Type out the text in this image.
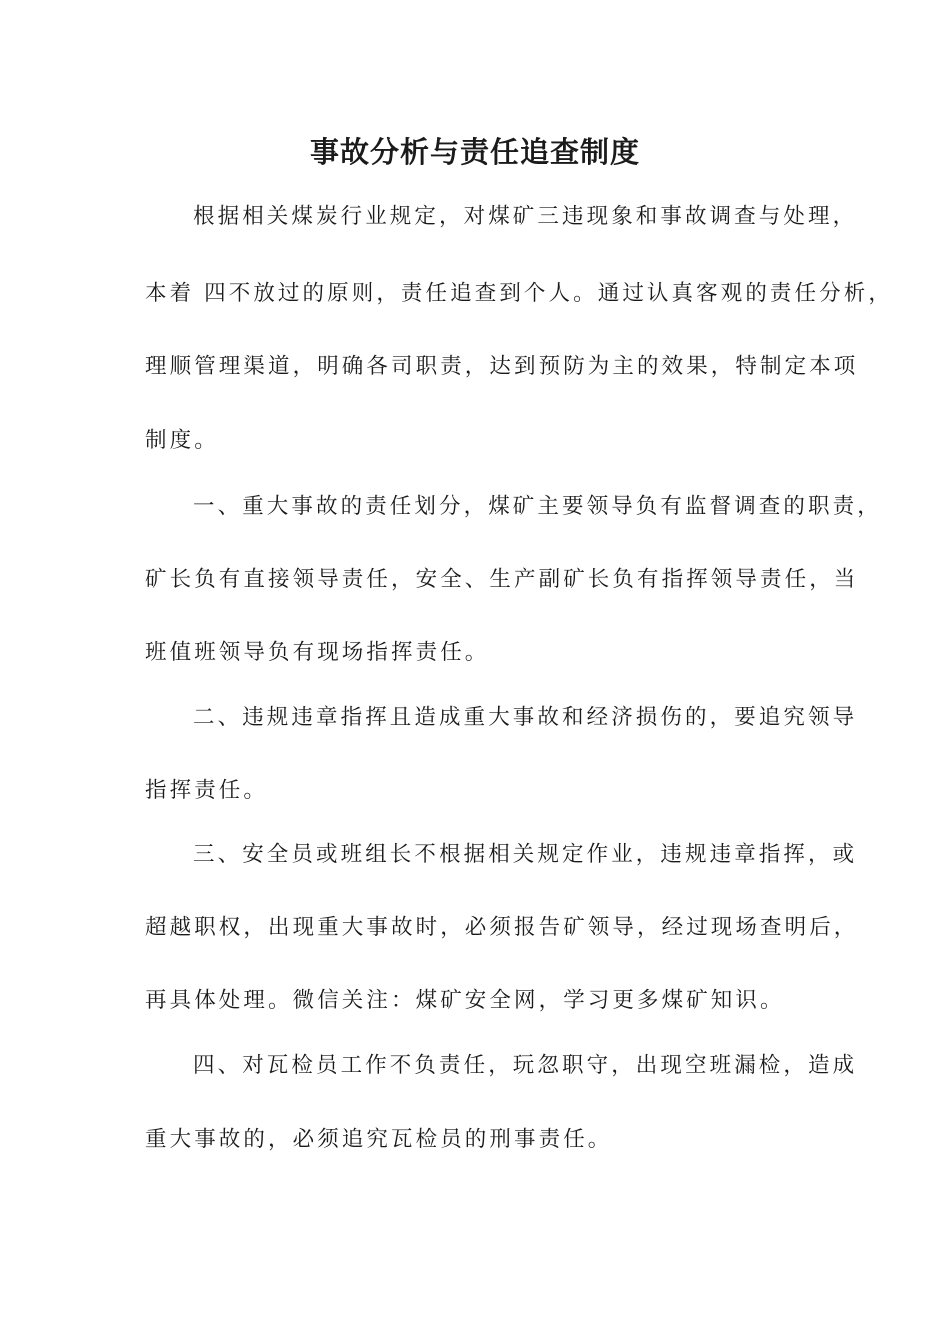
事故分析与责任追查制度

根据相关煤炭行业规定，对煤矿三违现象和事故调查与处理，

本着 四不放过的原则，责任追查到个人。通过认真客观的责任分析，

理顺管理渠道，明确各司职责，达到预防为主的效果，特制定本项

制度。

一、重大事故的责任划分，煤矿主要领导负有监督调查的职责，

矿长负有直接领导责任，安全、生产副矿长负有指挥领导责任，当

班值班领导负有现场指挥责任。

二、违规违章指挥且造成重大事故和经济损伤的，要追究领导

指挥责任。

三、安全员或班组长不根据相关规定作业，违规违章指挥，或

超越职权，出现重大事故时，必须报告矿领导，经过现场查明后，

再具体处理。微信关注：煤矿安全网，学习更多煤矿知识。

四、对瓦检员工作不负责任，玩忽职守，出现空班漏检，造成

重大事故的，必须追究瓦检员的刑事责任。
